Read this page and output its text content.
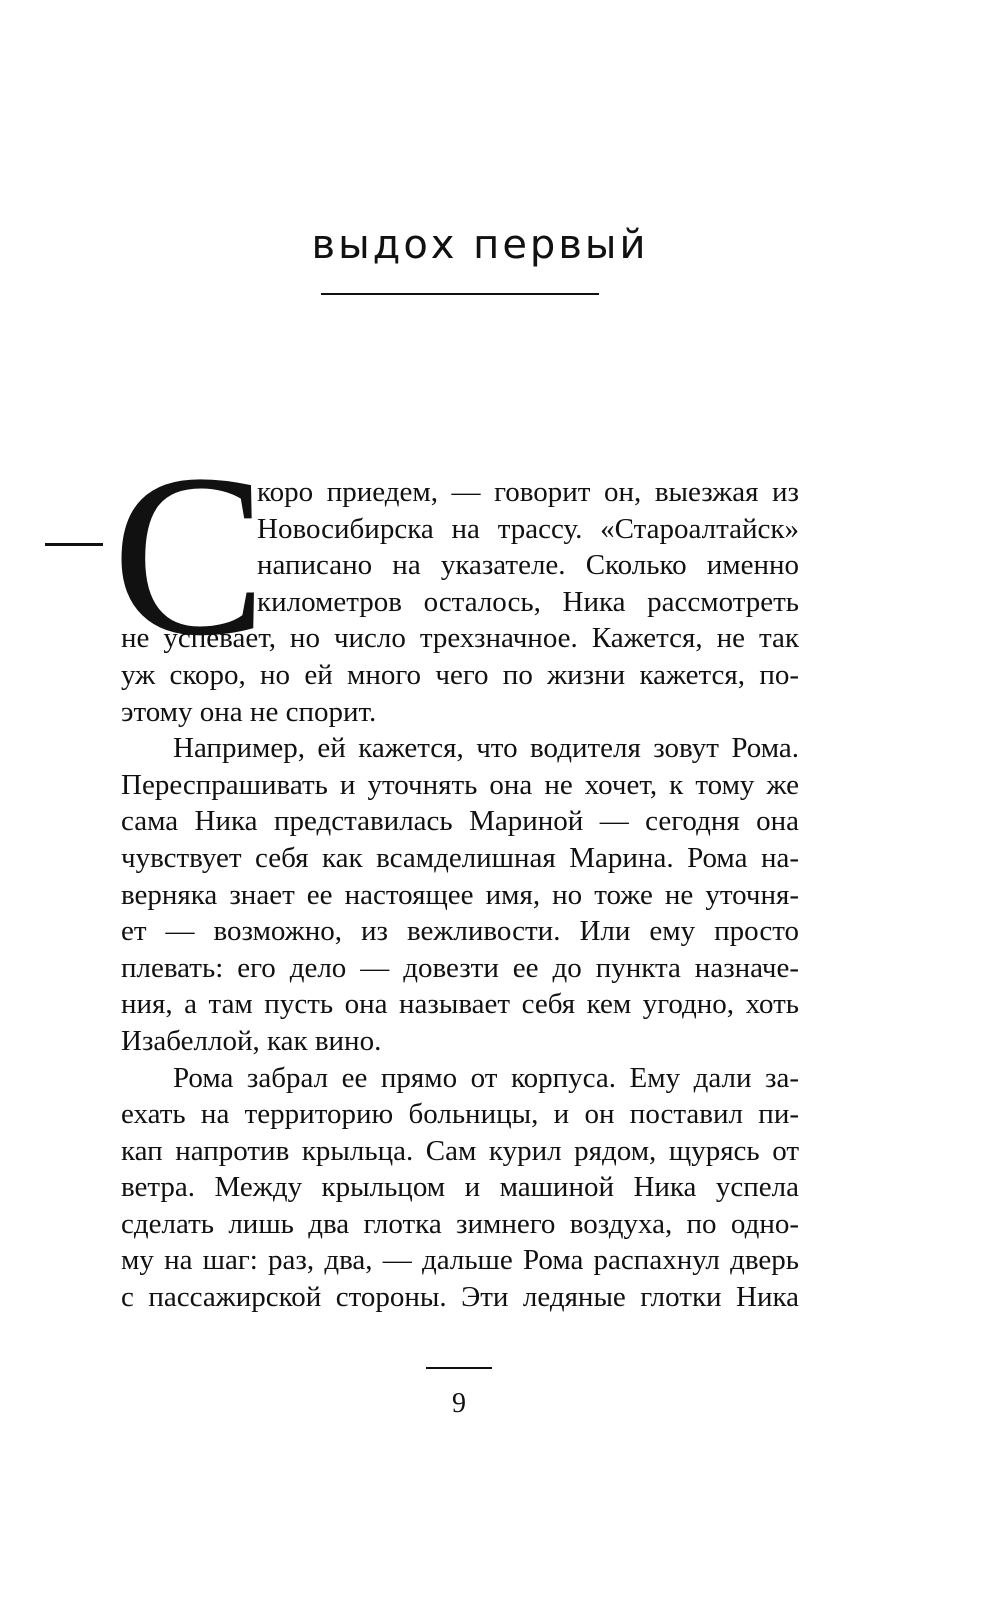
выдох первый
С
коро приедем, — говорит он, выезжая из
Новосибирска на трассу. «Староалтайск»
написано на указателе. Сколько именно
километров осталось, Ника рассмотреть
не успевает, но число трехзначное. Кажется, не так
уж скоро, но ей много чего по жизни кажется, по-
этому она не спорит.
Например, ей кажется, что водителя зовут Рома.
Переспрашивать и уточнять она не хочет, к тому же
сама Ника представилась Мариной — сегодня она
чувствует себя как всамделишная Марина. Рома на-
верняка знает ее настоящее имя, но тоже не уточня-
ет — возможно, из вежливости. Или ему просто
плевать: его дело — довезти ее до пункта назначе-
ния, а там пусть она называет себя кем угодно, хоть
Изабеллой, как вино.
Рома забрал ее прямо от корпуса. Ему дали за-
ехать на территорию больницы, и он поставил пи-
кап напротив крыльца. Сам курил рядом, щурясь от
ветра. Между крыльцом и машиной Ника успела
сделать лишь два глотка зимнего воздуха, по одно-
му на шаг: раз, два, — дальше Рома распахнул дверь
с пассажирской стороны. Эти ледяные глотки Ника
9
